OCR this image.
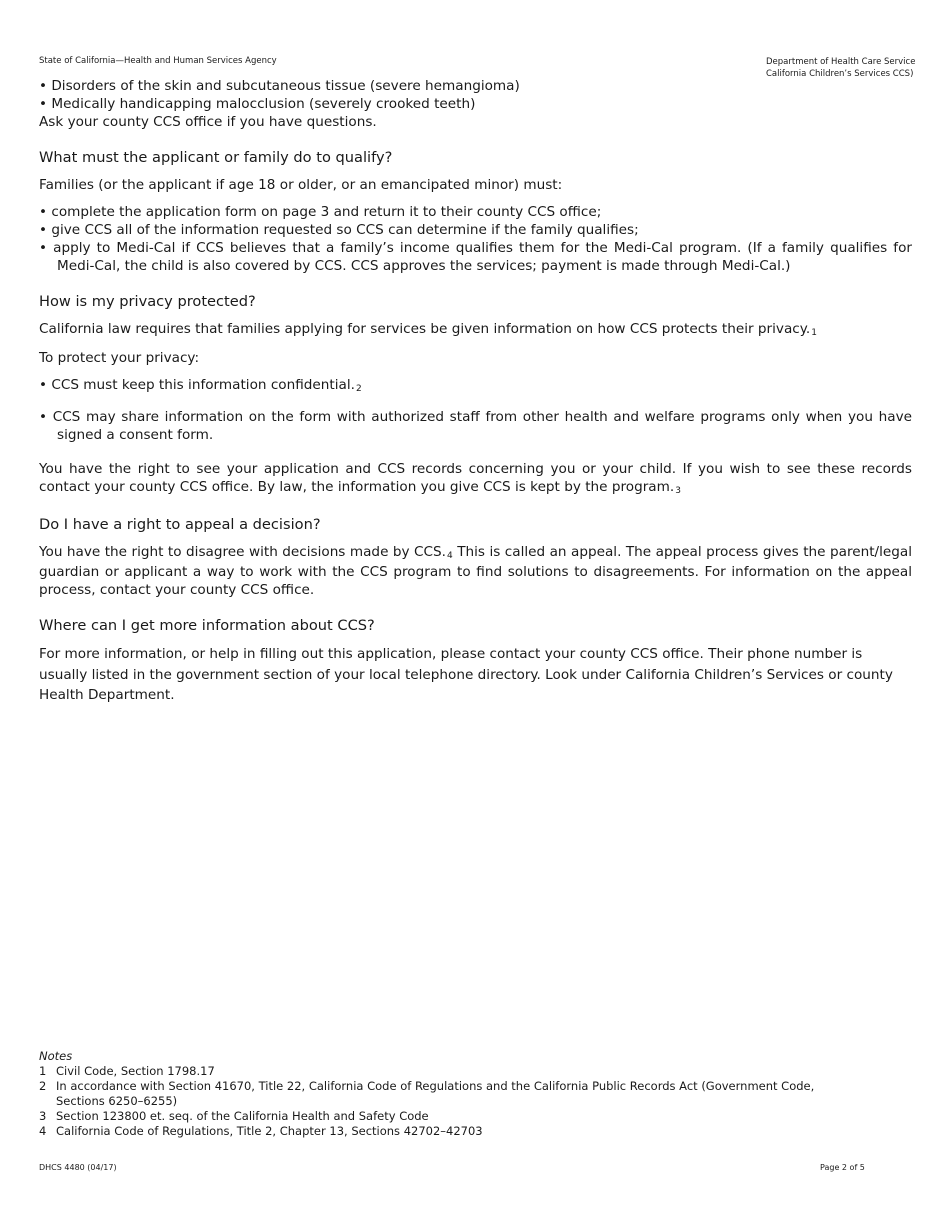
State of California—Health and Human Services Agency	Department of Health Care Service
California Children’s Services CCS)
• Disorders of the skin and subcutaneous tissue (severe hemangioma)
• Medically handicapping malocclusion (severely crooked teeth)

Ask your county CCS office if you have questions.

What must the applicant or family do to qualify?

Families (or the applicant if age 18 or older, or an emancipated minor) must:

• complete the application form on page 3 and return it to their county CCS office;
• give CCS all of the information requested so CCS can determine if the family qualifies;
• apply to Medi-Cal if CCS believes that a family’s income qualifies them for the Medi-Cal program. (If a family qualifies for Medi-Cal, the child is also covered by CCS. CCS approves the services; payment is made through Medi-Cal.)
How is my privacy protected?

California law requires that families applying for services be given information on how CCS protects their privacy.$^1$

To protect your privacy:

• CCS must keep this information confidential.$^2$
• CCS may share information on the form with authorized staff from other health and welfare programs only when you have signed a consent form.

You have the right to see your application and CCS records concerning you or your child. If you wish to see these records contact your county CCS office. By law, the information you give CCS is kept by the program.$^3$

Do I have a right to appeal a decision?

You have the right to disagree with decisions made by CCS.$^4$ This is called an appeal. The appeal process gives the parent/legal guardian or applicant a way to work with the CCS program to find solutions to disagreements. For information on the appeal process, contact your county CCS office.

Where can I get more information about CCS?

For more information, or help in filling out this application, please contact your county CCS office. Their phone number is usually listed in the government section of your local telephone directory. Look under California Children’s Services or county Health Department.

Notes
1 Civil Code, Section 1798.17
2 In accordance with Section 41670, Title 22, California Code of Regulations and the California Public Records Act (Government Code, Sections 6250–6255)
3 Section 123800 et. seq. of the California Health and Safety Code
4 California Code of Regulations, Title 2, Chapter 13, Sections 42702–42703
DHCS 4480 (04/17)	Page 2 of 5
